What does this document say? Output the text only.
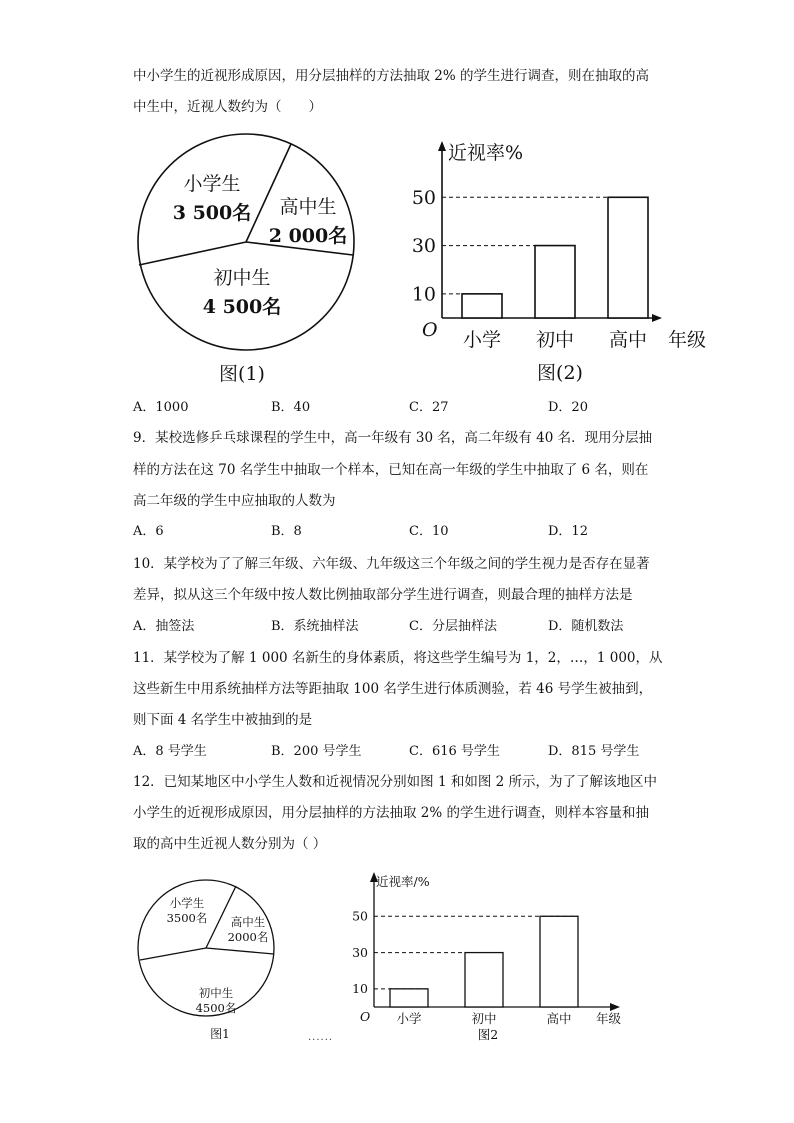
中小学生的近视形成原因，用分层抽样的方法抽取 2% 的学生进行调查，则在抽取的高
中生中，近视人数约为（　　）
小学生
3 500名 高中生
2 000名
初中生
4 500名
图(1)
近视率%
年级
O
10
小学
30
初中
50
高中
图(2)
A．1000	B．40	C．27	D．20
9．某校选修乒乓球课程的学生中，高一年级有 30 名，高二年级有 40 名．现用分层抽
样的方法在这 70 名学生中抽取一个样本，已知在高一年级的学生中抽取了 6 名，则在
高二年级的学生中应抽取的人数为
A．6	B．8	C．10	D．12
10．某学校为了了解三年级、六年级、九年级这三个年级之间的学生视力是否存在显著
差异，拟从这三个年级中按人数比例抽取部分学生进行调查，则最合理的抽样方法是
A．抽签法	B．系统抽样法	C．分层抽样法	D．随机数法
11．某学校为了解 1 000 名新生的身体素质，将这些学生编号为 1，2，…，1 000，从
这些新生中用系统抽样方法等距抽取 100 名学生进行体质测验，若 46 号学生被抽到，
则下面 4 名学生中被抽到的是
A．8 号学生	B．200 号学生	C．616 号学生	D．815 号学生
12．已知某地区中小学生人数和近视情况分别如图 1 和如图 2 所示，为了了解该地区中
小学生的近视形成原因，用分层抽样的方法抽取 2% 的学生进行调查，则样本容量和抽
取的高中生近视人数分别为（ ）
小学生
3500名 高中生
2000名
初中生
4500名
图1	......
近视率/%
年级
O
10
小学
30
初中
50
高中
图2
